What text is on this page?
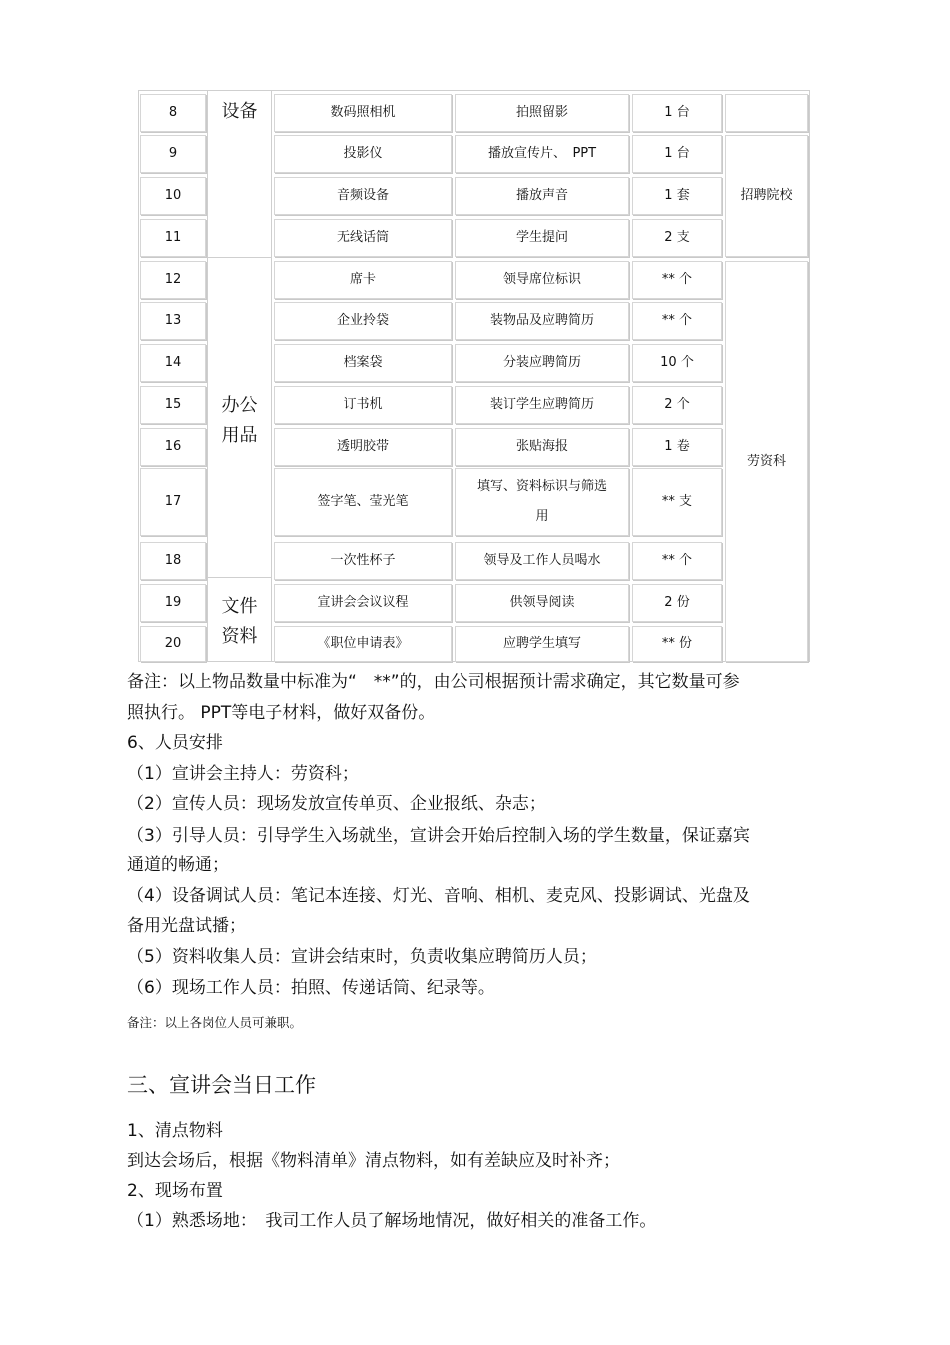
8
9
10
11
12
13
14
15
16
17
18
19
20
设备
办公
用品
文件
资料
数码照相机
投影仪
音频设备
无线话筒
席卡
企业拎袋
档案袋
订书机
透明胶带
签字笔、莹光笔
一次性杯子
宣讲会会议议程
《职位申请表》
拍照留影
播放宣传片、　PPT
播放声音
学生提问
领导席位标识
装物品及应聘简历
分装应聘简历
装订学生应聘简历
张贴海报
填写、资料标识与筛选
用
领导及工作人员喝水
供领导阅读
应聘学生填写
1 台
1 台
1 套
2 支
** 个
** 个
10 个
2 个
1 卷
** 支
** 个
2 份
** 份
招聘院校
劳资科
备注：以上物品数量中标准为“　**”的，由公司根据预计需求确定，其它数量可参
照执行。 PPT等电子材料，做好双备份。
6、人员安排
（1）宣讲会主持人：劳资科；
（2）宣传人员：现场发放宣传单页、企业报纸、杂志；
（3）引导人员：引导学生入场就坐，宣讲会开始后控制入场的学生数量，保证嘉宾
通道的畅通；
（4）设备调试人员：笔记本连接、灯光、音响、相机、麦克风、投影调试、光盘及
备用光盘试播；
（5）资料收集人员：宣讲会结束时，负责收集应聘简历人员；
（6）现场工作人员：拍照、传递话筒、纪录等。
备注：以上各岗位人员可兼职。
三、宣讲会当日工作
1、清点物料
到达会场后，根据《物料清单》清点物料，如有差缺应及时补齐；
2、现场布置
（1）熟悉场地：　我司工作人员了解场地情况，做好相关的准备工作。
